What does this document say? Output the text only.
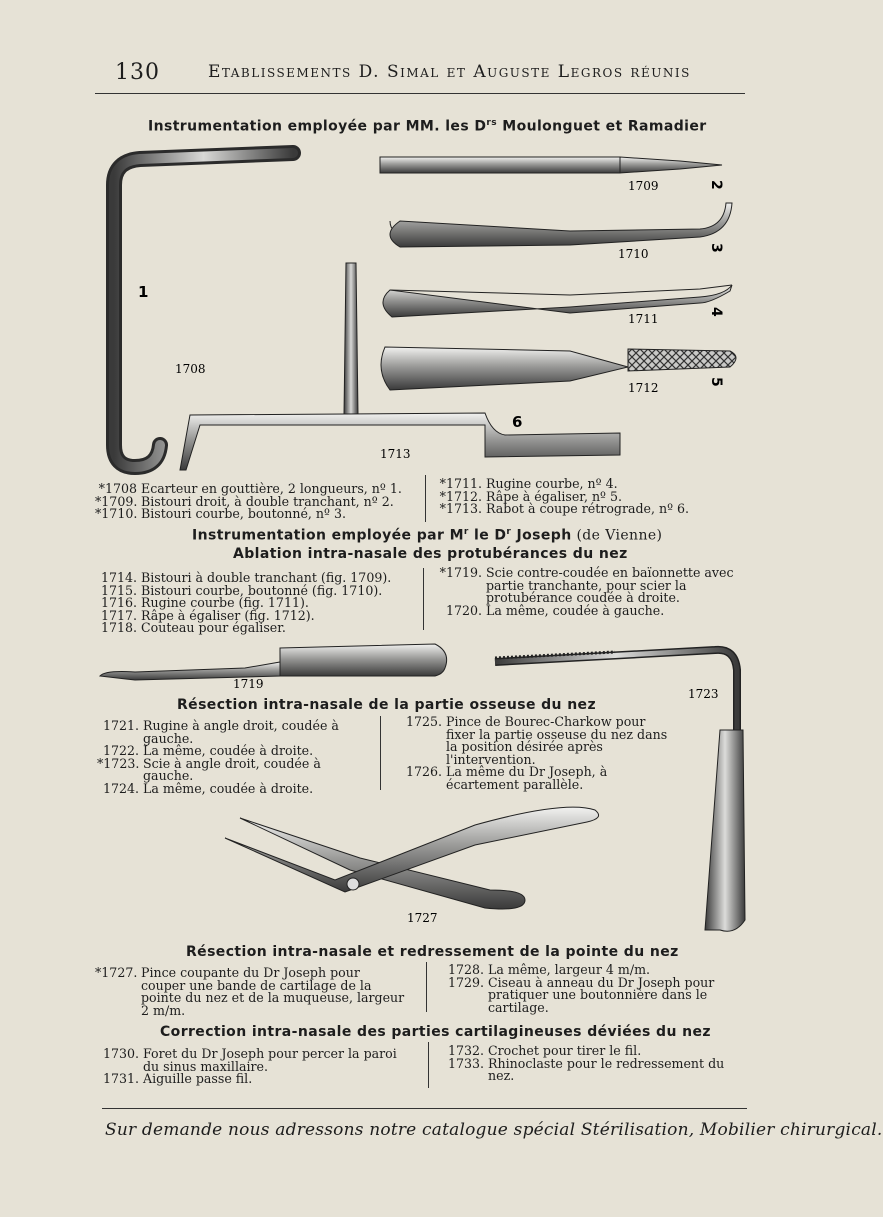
130	Etablissements D. Simal et Auguste Legros réunis
Instrumentation employée par MM. les $D^{rs}$ Moulonguet et Ramadier
1
1708
1709	2
1710	3
1711
4
1712	5
6
1713
*1708 Ecarteur en gouttière, 2 longueurs, nº 1.
*1709. Bistouri droit, à double tranchant, nº 2.
*1710. Bistouri courbe, boutonné, nº 3.
*1711. Rugine courbe, nº 4.
*1712. Râpe à égaliser, nº 5.
*1713. Rabot à coupe rétrograde, nº 6.
Instrumentation employée par $M^r$ le $D^r$ Joseph (de Vienne)
Ablation intra-nasale des protubérances du nez
1714. Bistouri à double tranchant (fig. 1709).
1715. Bistouri courbe, boutonné (fig. 1710).
1716. Rugine courbe (fig. 1711).
1717. Râpe à égaliser (fig. 1712).
1718. Couteau pour égaliser.
*1719. Scie contre-coudée en baïonnette avec partie tranchante, pour scier la protubérance coudée à droite.
1720. La même, coudée à gauche.
1719
1723
1727
Résection intra-nasale de la partie osseuse du nez
1721. Rugine à angle droit, coudée à gauche.
1722. La même, coudée à droite.
*1723. Scie à angle droit, coudée à gauche.
1724. La même, coudée à droite.
1725. Pince de Bourec-Charkow pour fixer la partie osseuse du nez dans la position désirée après l'intervention.
1726. La même du Dr Joseph, à écartement parallèle.
Résection intra-nasale et redressement de la pointe du nez
*1727. Pince coupante du Dr Joseph pour couper une bande de cartilage de la pointe du nez et de la muqueuse, largeur 2 m/m.
1728. La même, largeur 4 m/m.
1729. Ciseau à anneau du Dr Joseph pour pratiquer une boutonnière dans le cartilage.
Correction intra-nasale des parties cartilagineuses déviées du nez
1730. Foret du Dr Joseph pour percer la paroi du sinus maxillaire.
1731. Aiguille passe fil.
1732. Crochet pour tirer le fil.
1733. Rhinoclaste pour le redressement du nez.
Sur demande nous adressons notre catalogue spécial Stérilisation, Mobilier chirurgical.
